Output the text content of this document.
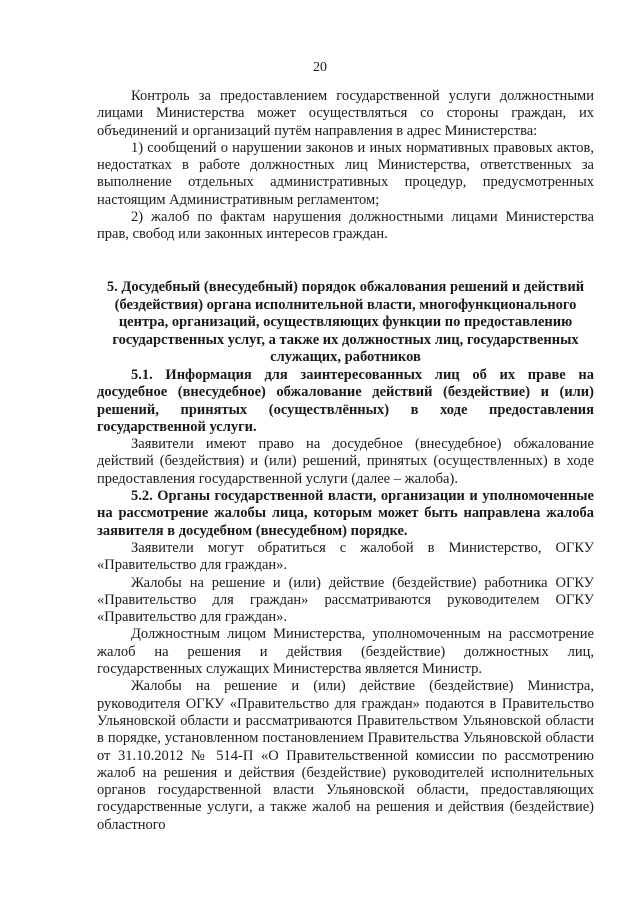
20

Контроль за предоставлением государственной услуги должностными лицами Министерства может осуществляться со стороны граждан, их объединений и организаций путём направления в адрес Министерства:

1) сообщений о нарушении законов и иных нормативных правовых актов, недостатках в работе должностных лиц Министерства, ответственных за выполнение отдельных административных процедур, предусмотренных настоящим Административным регламентом;

2) жалоб по фактам нарушения должностными лицами Министерства прав, свобод или законных интересов граждан.

5. Досудебный (внесудебный) порядок обжалования решений и действий (бездействия) органа исполнительной власти, многофункционального центра, организаций, осуществляющих функции по предоставлению государственных услуг, а также их должностных лиц, государственных служащих, работников

5.1. Информация для заинтересованных лиц об их праве на досудебное (внесудебное) обжалование действий (бездействие) и (или) решений, принятых (осуществлённых) в ходе предоставления государственной услуги.

Заявители имеют право на досудебное (внесудебное) обжалование действий (бездействия) и (или) решений, принятых (осуществленных) в ходе предоставления государственной услуги (далее – жалоба).

5.2. Органы государственной власти, организации и уполномоченные на рассмотрение жалобы лица, которым может быть направлена жалоба заявителя в досудебном (внесудебном) порядке.

Заявители могут обратиться с жалобой в Министерство, ОГКУ «Правительство для граждан».

Жалобы на решение и (или) действие (бездействие) работника ОГКУ «Правительство для граждан» рассматриваются руководителем ОГКУ «Правительство для граждан».

Должностным лицом Министерства, уполномоченным на рассмотрение жалоб на решения и действия (бездействие) должностных лиц, государственных служащих Министерства является Министр.

Жалобы на решение и (или) действие (бездействие) Министра, руководителя ОГКУ «Правительство для граждан» подаются в Правительство Ульяновской области и рассматриваются Правительством Ульяновской области в порядке, установленном постановлением Правительства Ульяновской области от 31.10.2012 № 514-П «О Правительственной комиссии по рассмотрению жалоб на решения и действия (бездействие) руководителей исполнительных органов государственной власти Ульяновской области, предоставляющих государственные услуги, а также жалоб на решения и действия (бездействие) областного
